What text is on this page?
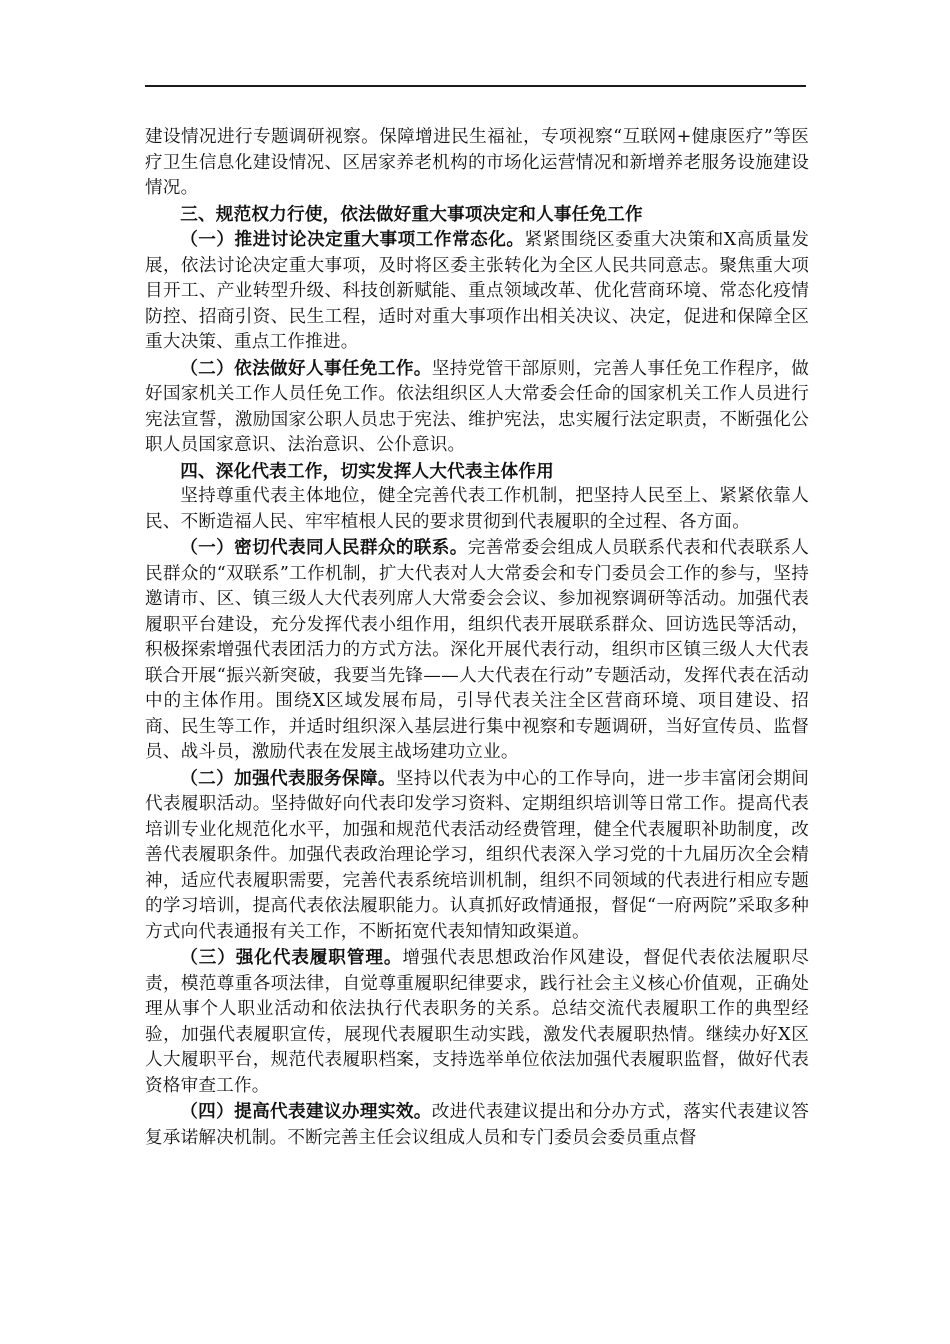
建设情况进行专题调研视察。保障增进民生福祉，专项视察“互联网+健康医疗”等医疗卫生信息化建设情况、区居家养老机构的市场化运营情况和新增养老服务设施建设情况。

三、规范权力行使，依法做好重大事项决定和人事任免工作

（一）推进讨论决定重大事项工作常态化。紧紧围绕区委重大决策和X高质量发展，依法讨论决定重大事项，及时将区委主张转化为全区人民共同意志。聚焦重大项目开工、产业转型升级、科技创新赋能、重点领域改革、优化营商环境、常态化疫情防控、招商引资、民生工程，适时对重大事项作出相关决议、决定，促进和保障全区重大决策、重点工作推进。

（二）依法做好人事任免工作。坚持党管干部原则，完善人事任免工作程序，做好国家机关工作人员任免工作。依法组织区人大常委会任命的国家机关工作人员进行宪法宣誓，激励国家公职人员忠于宪法、维护宪法，忠实履行法定职责，不断强化公职人员国家意识、法治意识、公仆意识。

四、深化代表工作，切实发挥人大代表主体作用

坚持尊重代表主体地位，健全完善代表工作机制，把坚持人民至上、紧紧依靠人民、不断造福人民、牢牢植根人民的要求贯彻到代表履职的全过程、各方面。

（一）密切代表同人民群众的联系。完善常委会组成人员联系代表和代表联系人民群众的“双联系”工作机制，扩大代表对人大常委会和专门委员会工作的参与，坚持邀请市、区、镇三级人大代表列席人大常委会会议、参加视察调研等活动。加强代表履职平台建设，充分发挥代表小组作用，组织代表开展联系群众、回访选民等活动，积极探索增强代表团活力的方式方法。深化开展代表行动，组织市区镇三级人大代表联合开展“振兴新突破，我要当先锋——人大代表在行动”专题活动，发挥代表在活动中的主体作用。围绕X区域发展布局，引导代表关注全区营商环境、项目建设、招商、民生等工作，并适时组织深入基层进行集中视察和专题调研，当好宣传员、监督员、战斗员，激励代表在发展主战场建功立业。

（二）加强代表服务保障。坚持以代表为中心的工作导向，进一步丰富闭会期间代表履职活动。坚持做好向代表印发学习资料、定期组织培训等日常工作。提高代表培训专业化规范化水平，加强和规范代表活动经费管理，健全代表履职补助制度，改善代表履职条件。加强代表政治理论学习，组织代表深入学习党的十九届历次全会精神，适应代表履职需要，完善代表系统培训机制，组织不同领域的代表进行相应专题的学习培训，提高代表依法履职能力。认真抓好政情通报，督促“一府两院”采取多种方式向代表通报有关工作，不断拓宽代表知情知政渠道。

（三）强化代表履职管理。增强代表思想政治作风建设，督促代表依法履职尽责，模范尊重各项法律，自觉尊重履职纪律要求，践行社会主义核心价值观，正确处理从事个人职业活动和依法执行代表职务的关系。总结交流代表履职工作的典型经验，加强代表履职宣传，展现代表履职生动实践，激发代表履职热情。继续办好X区人大履职平台，规范代表履职档案，支持选举单位依法加强代表履职监督，做好代表资格审查工作。

（四）提高代表建议办理实效。改进代表建议提出和分办方式，落实代表建议答复承诺解决机制。不断完善主任会议组成人员和专门委员会委员重点督
